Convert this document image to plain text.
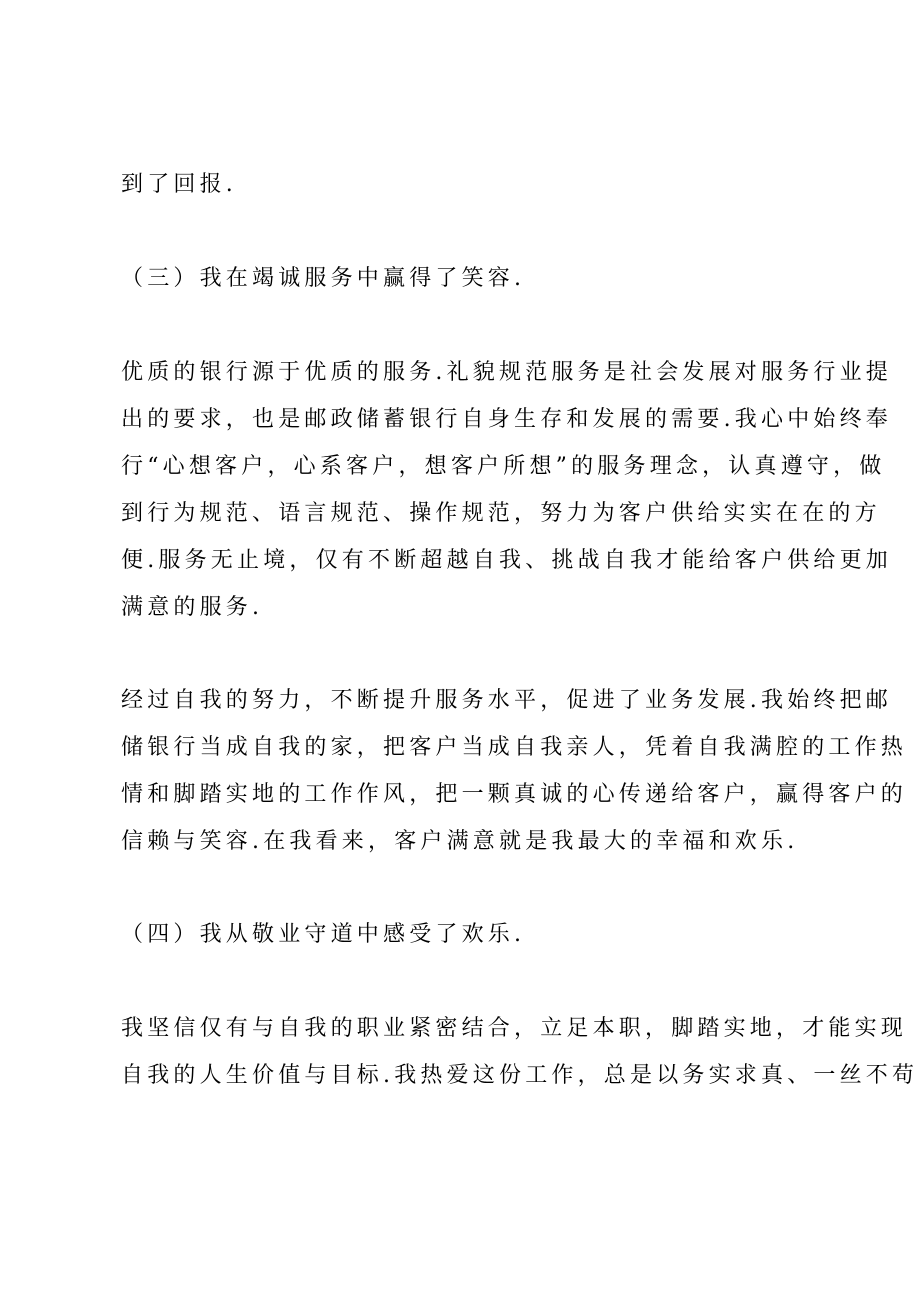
到了回报.
（三）我在竭诚服务中赢得了笑容.
优质的银行源于优质的服务.礼貌规范服务是社会发展对服务行业提
出的要求，也是邮政储蓄银行自身生存和发展的需要.我心中始终奉
行“心想客户，心系客户，想客户所想”的服务理念，认真遵守，做
到行为规范、语言规范、操作规范，努力为客户供给实实在在的方
便.服务无止境，仅有不断超越自我、挑战自我才能给客户供给更加
满意的服务.
经过自我的努力，不断提升服务水平，促进了业务发展.我始终把邮
储银行当成自我的家，把客户当成自我亲人，凭着自我满腔的工作热
情和脚踏实地的工作作风，把一颗真诚的心传递给客户，赢得客户的
信赖与笑容.在我看来，客户满意就是我最大的幸福和欢乐.
（四）我从敬业守道中感受了欢乐.
我坚信仅有与自我的职业紧密结合，立足本职，脚踏实地，才能实现
自我的人生价值与目标.我热爱这份工作，总是以务实求真、一丝不苟
